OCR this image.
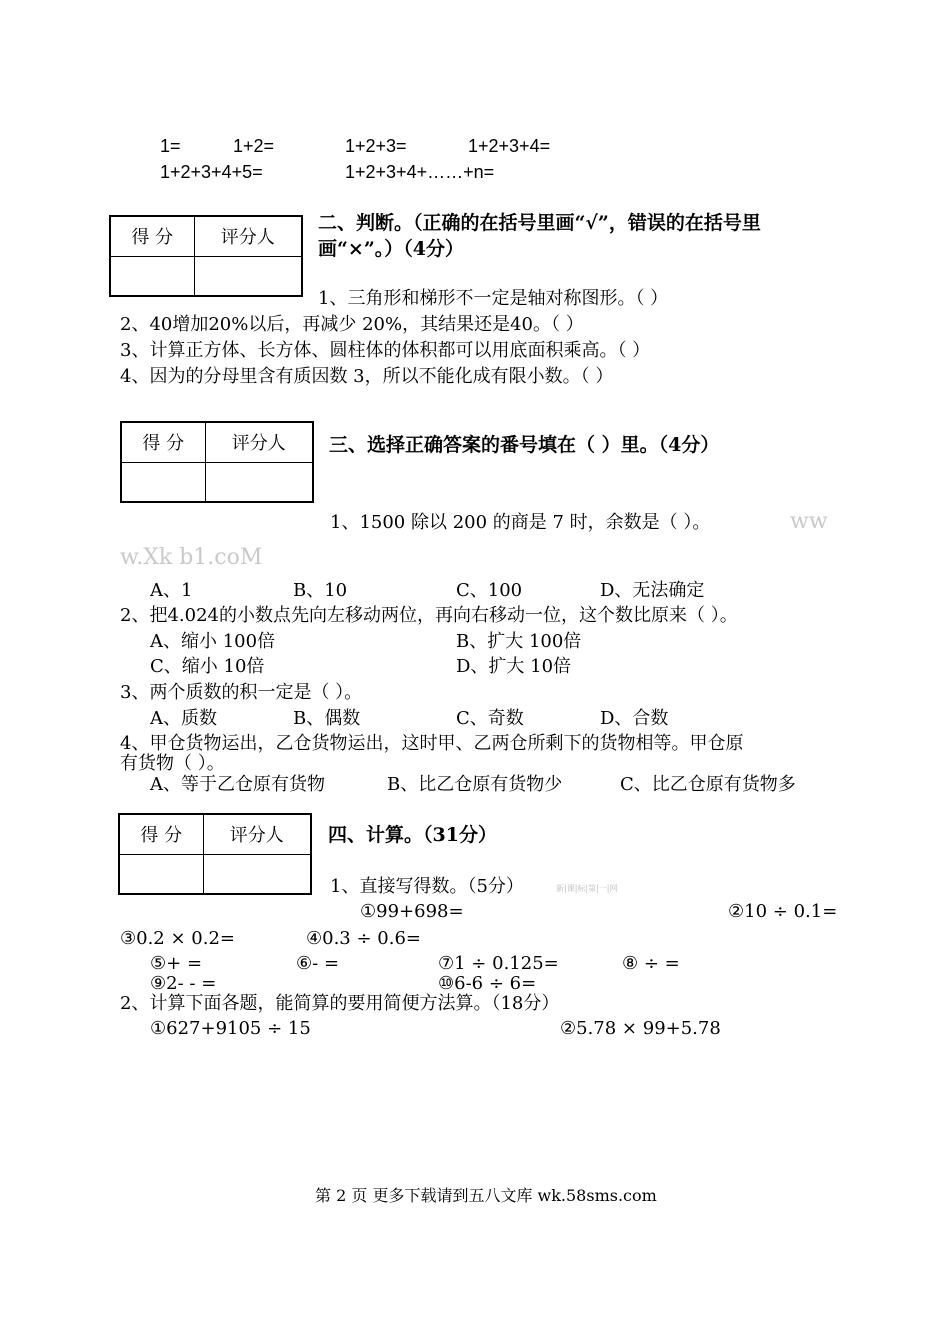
1=	1+2=	1+2+3=	1+2+3+4=
1+2+3+4+5=	1+2+3+4+……+n=
得 分	评分人

二、判断。（正确的在括号里画“√”，错误的在括号里
画“×”。）（4分）
1、三角形和梯形不一定是轴对称图形。（ ）
2、40增加20%以后，再减少 20%，其结果还是40。（ ）
3、计算正方体、长方体、圆柱体的体积都可以用底面积乘高。（ ）
4、因为的分母里含有质因数 3，所以不能化成有限小数。（ ）
得 分	评分人
	三、选择正确答案的番号填在（ ）里。（4分）
1、1500 除以 200 的商是 7 时，余数是（ ）。	ww
w.Xk b1.coM
A、1	B、10	C、100	D、无法确定
2、把4.024的小数点先向左移动两位，再向右移动一位，这个数比原来（ ）。
A、缩小 100倍	B、扩大 100倍
C、缩小 10倍	D、扩大 10倍
3、两个质数的积一定是（ ）。
A、质数	B、偶数	C、奇数	D、合数
4、甲仓货物运出，乙仓货物运出，这时甲、乙两仓所剩下的货物相等。甲仓原
有货物（ ）。
A、等于乙仓原有货物	B、比乙仓原有货物少	C、比乙仓原有货物多
得 分	评分人
	四、计算。（31分）
1、直接写得数。（5分）	新|课|标|第|一|网
①99+698=	②10 ÷ 0.1=
③0.2 × 0.2=	④0.3 ÷ 0.6=
⑤+ =	⑥- =	⑦1 ÷ 0.125=	⑧ ÷ =
⑨2- - =	⑩6-6 ÷ 6=
2、计算下面各题，能简算的要用简便方法算。（18分）
①627+9105 ÷ 15	②5.78 × 99+5.78
第 2 页 更多下载请到五八文库 wk.58sms.com
